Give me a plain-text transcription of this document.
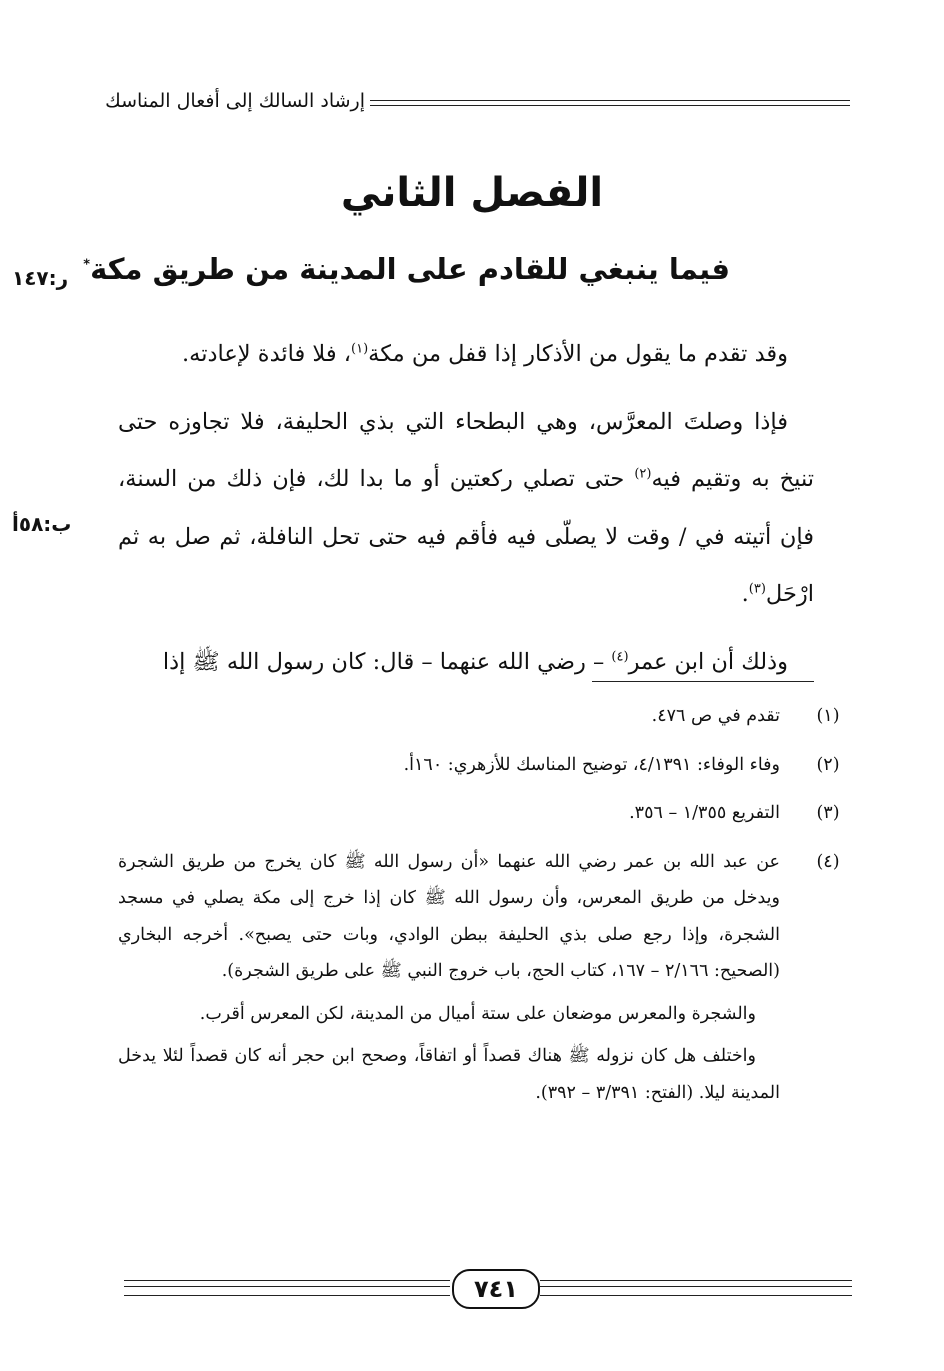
إرشاد السالك إلى أفعال المناسك
الفصل الثاني
فيما ينبغي للقادم على المدينة من طريق مكة*
ر:١٤٧
ب:٥٨أ

وقد تقدم ما يقول من الأذكار إذا قفل من مكة$^{(١)}$، فلا فائدة لإعادته.

فإذا وصلتَ المعرَّس، وهي البطحاء التي بذي الحليفة، فلا تجاوزه حتى تنيخ به وتقيم فيه$^{(٢)}$ حتى تصلي ركعتين أو ما بدا لك، فإن ذلك من السنة، فإن أتيته في / وقت لا يصلّى فيه فأقم فيه حتى تحل النافلة، ثم صل به ثم ارْحَل$^{(٣)}$.

وذلك أن ابن عمر$^{(٤)}$ – رضي الله عنهما – قال: كان رسول الله ﷺ إذا

(١)
تقدم في ص ٤٧٦.
(٢)
وفاء الوفاء: ٤/١٣٩١، توضيح المناسك للأزهري: ١٦٠أ.
(٣)
التفريع ١/٣٥٥ – ٣٥٦.
(٤)
عن عبد الله بن عمر رضي الله عنهما «أن رسول الله ﷺ كان يخرج من طريق الشجرة ويدخل من طريق المعرس، وأن رسول الله ﷺ كان إذا خرج إلى مكة يصلي في مسجد الشجرة، وإذا رجع صلى بذي الحليفة ببطن الوادي، وبات حتى يصبح». أخرجه البخاري (الصحيح: ٢/١٦٦ – ١٦٧، كتاب الحج، باب خروج النبي ﷺ على طريق الشجرة).

والشجرة والمعرس موضعان على ستة أميال من المدينة، لكن المعرس أقرب.

واختلف هل كان نزوله ﷺ هناك قصداً أو اتفاقاً، وصحح ابن حجر أنه كان قصداً لئلا يدخل المدينة ليلا. (الفتح: ٣/٣٩١ – ٣٩٢).

٧٤١
